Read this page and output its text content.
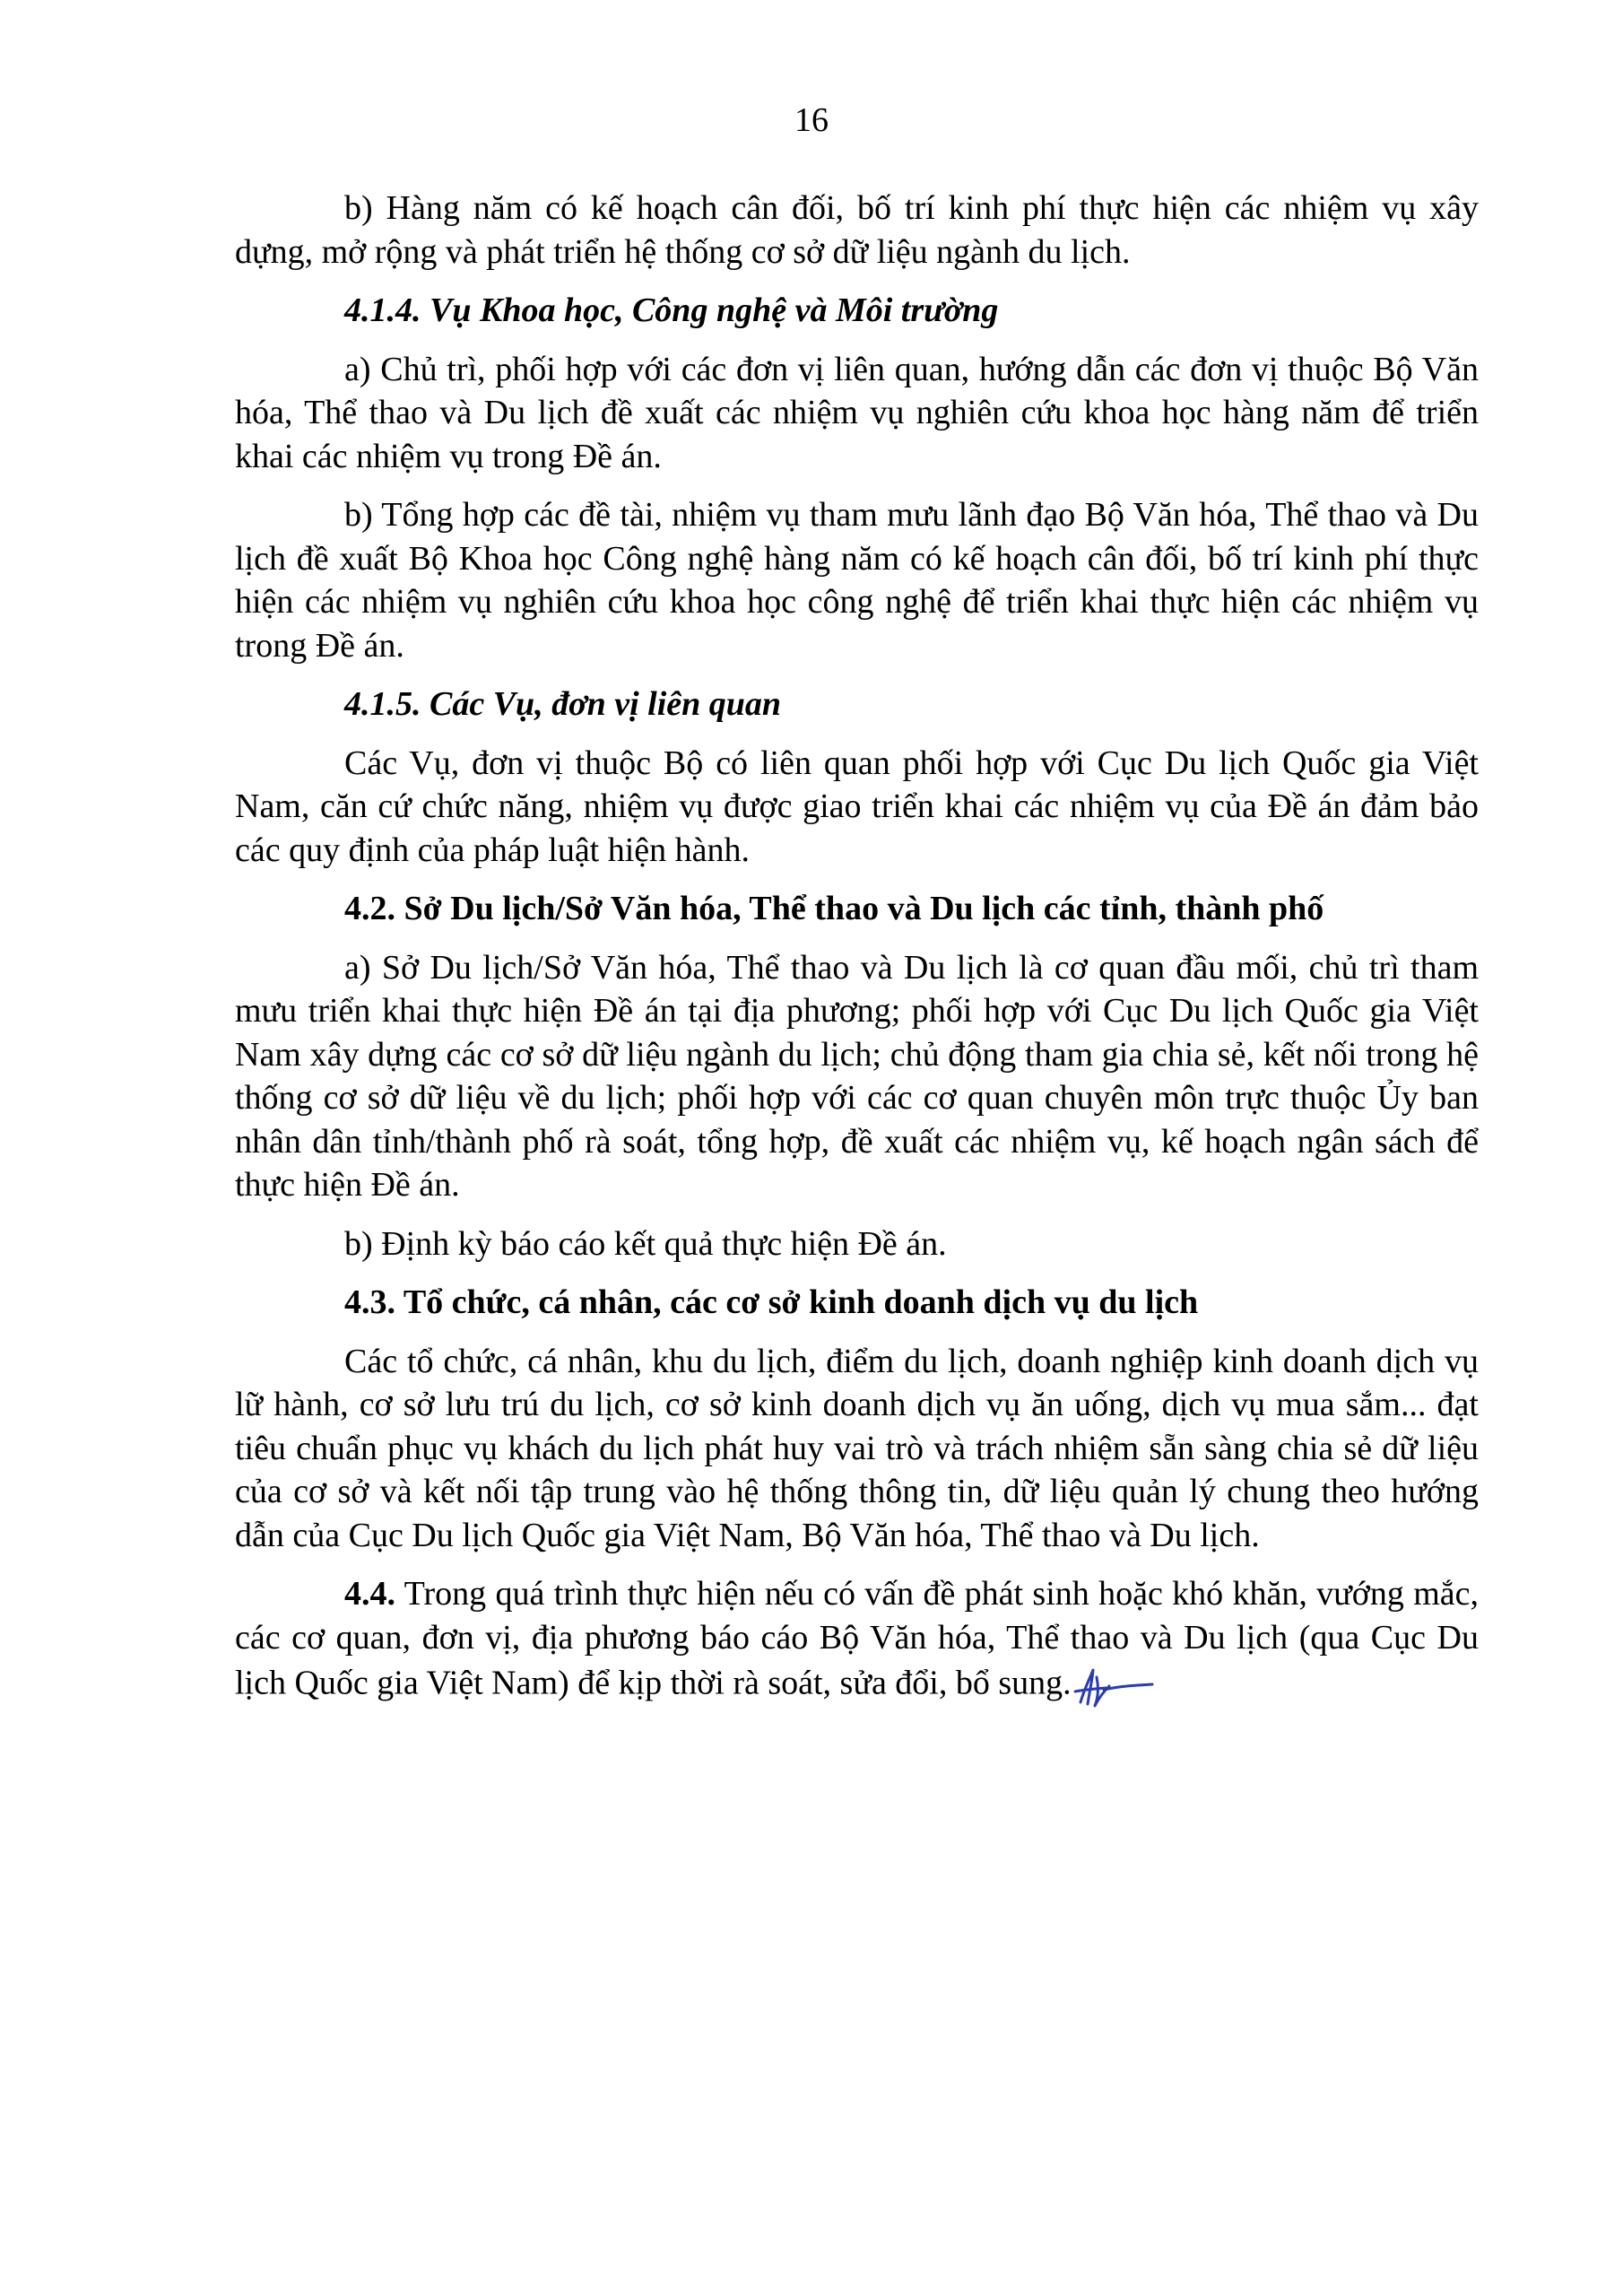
16

b) Hàng năm có kế hoạch cân đối, bố trí kinh phí thực hiện các nhiệm vụ xây dựng, mở rộng và phát triển hệ thống cơ sở dữ liệu ngành du lịch.

4.1.4. Vụ Khoa học, Công nghệ và Môi trường

a) Chủ trì, phối hợp với các đơn vị liên quan, hướng dẫn các đơn vị thuộc Bộ Văn hóa, Thể thao và Du lịch đề xuất các nhiệm vụ nghiên cứu khoa học hàng năm để triển khai các nhiệm vụ trong Đề án.

b) Tổng hợp các đề tài, nhiệm vụ tham mưu lãnh đạo Bộ Văn hóa, Thể thao và Du lịch đề xuất Bộ Khoa học Công nghệ hàng năm có kế hoạch cân đối, bố trí kinh phí thực hiện các nhiệm vụ nghiên cứu khoa học công nghệ để triển khai thực hiện các nhiệm vụ trong Đề án.

4.1.5. Các Vụ, đơn vị liên quan

Các Vụ, đơn vị thuộc Bộ có liên quan phối hợp với Cục Du lịch Quốc gia Việt Nam, căn cứ chức năng, nhiệm vụ được giao triển khai các nhiệm vụ của Đề án đảm bảo các quy định của pháp luật hiện hành.

4.2. Sở Du lịch/Sở Văn hóa, Thể thao và Du lịch các tỉnh, thành phố

a) Sở Du lịch/Sở Văn hóa, Thể thao và Du lịch là cơ quan đầu mối, chủ trì tham mưu triển khai thực hiện Đề án tại địa phương; phối hợp với Cục Du lịch Quốc gia Việt Nam xây dựng các cơ sở dữ liệu ngành du lịch; chủ động tham gia chia sẻ, kết nối trong hệ thống cơ sở dữ liệu về du lịch; phối hợp với các cơ quan chuyên môn trực thuộc Ủy ban nhân dân tỉnh/thành phố rà soát, tổng hợp, đề xuất các nhiệm vụ, kế hoạch ngân sách để thực hiện Đề án.

b) Định kỳ báo cáo kết quả thực hiện Đề án.

4.3. Tổ chức, cá nhân, các cơ sở kinh doanh dịch vụ du lịch

Các tổ chức, cá nhân, khu du lịch, điểm du lịch, doanh nghiệp kinh doanh dịch vụ lữ hành, cơ sở lưu trú du lịch, cơ sở kinh doanh dịch vụ ăn uống, dịch vụ mua sắm... đạt tiêu chuẩn phục vụ khách du lịch phát huy vai trò và trách nhiệm sẵn sàng chia sẻ dữ liệu của cơ sở và kết nối tập trung vào hệ thống thông tin, dữ liệu quản lý chung theo hướng dẫn của Cục Du lịch Quốc gia Việt Nam, Bộ Văn hóa, Thể thao và Du lịch.

4.4. Trong quá trình thực hiện nếu có vấn đề phát sinh hoặc khó khăn, vướng mắc, các cơ quan, đơn vị, địa phương báo cáo Bộ Văn hóa, Thể thao và Du lịch (qua Cục Du lịch Quốc gia Việt Nam) để kịp thời rà soát, sửa đổi, bổ sung.
